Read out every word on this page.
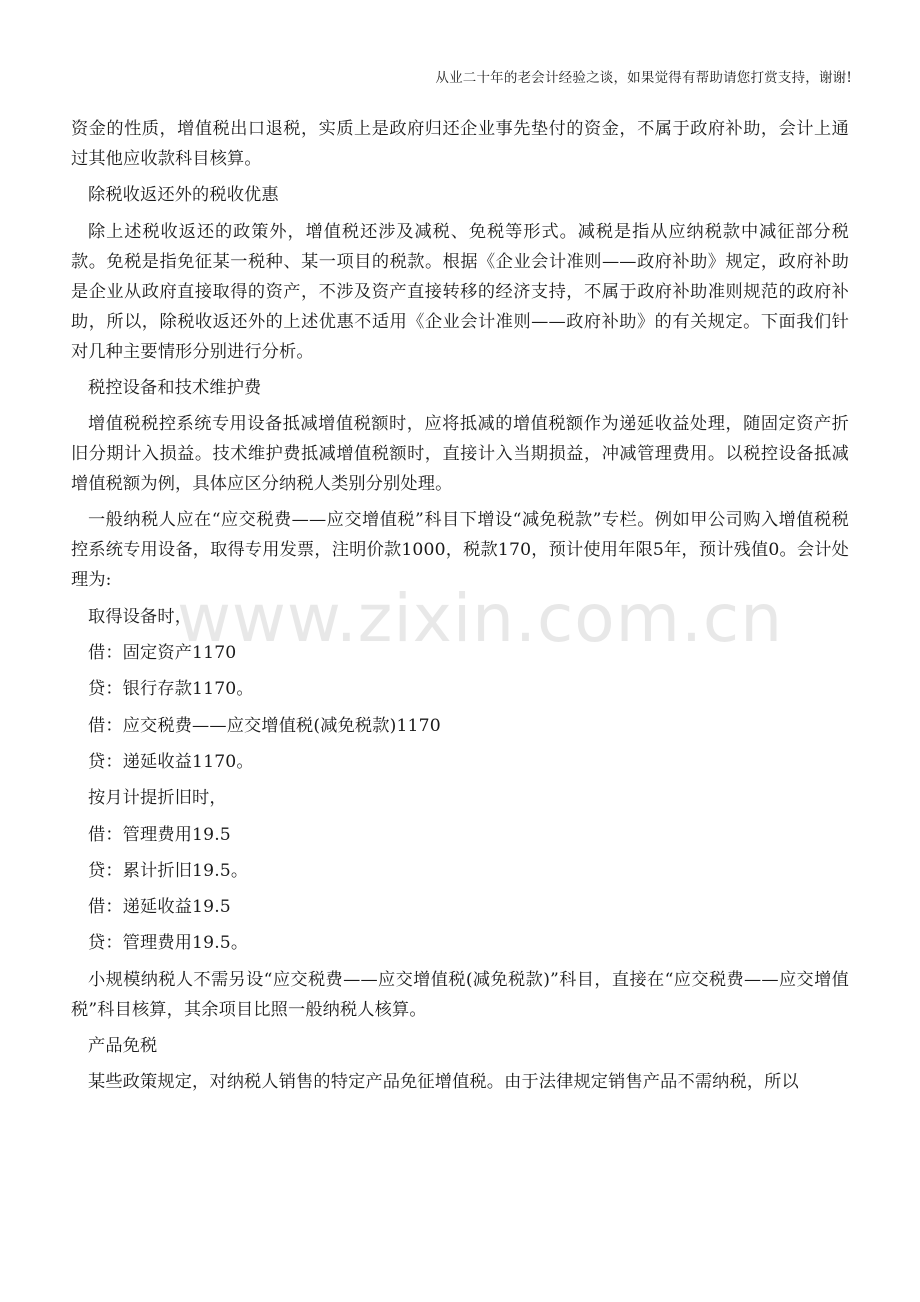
从业二十年的老会计经验之谈，如果觉得有帮助请您打赏支持，谢谢!

资金的性质，增值税出口退税，实质上是政府归还企业事先垫付的资金，不属于政府补助，会计上通过其他应收款科目核算。

除税收返还外的税收优惠

除上述税收返还的政策外，增值税还涉及减税、免税等形式。减税是指从应纳税款中减征部分税款。免税是指免征某一税种、某一项目的税款。根据《企业会计准则——政府补助》规定，政府补助是企业从政府直接取得的资产，不涉及资产直接转移的经济支持，不属于政府补助准则规范的政府补助，所以，除税收返还外的上述优惠不适用《企业会计准则——政府补助》的有关规定。下面我们针对几种主要情形分别进行分析。

税控设备和技术维护费

增值税税控系统专用设备抵减增值税额时，应将抵减的增值税额作为递延收益处理，随固定资产折旧分期计入损益。技术维护费抵减增值税额时，直接计入当期损益，冲减管理费用。以税控设备抵减增值税额为例，具体应区分纳税人类别分别处理。

一般纳税人应在“应交税费——应交增值税”科目下增设“减免税款”专栏。例如甲公司购入增值税税控系统专用设备，取得专用发票，注明价款1000，税款170，预计使用年限5年，预计残值0。会计处理为:

取得设备时，

借：固定资产1170

贷：银行存款1170。

借：应交税费——应交增值税(减免税款)1170

贷：递延收益1170。

按月计提折旧时，

借：管理费用19.5

贷：累计折旧19.5。

借：递延收益19.5

贷：管理费用19.5。

小规模纳税人不需另设“应交税费——应交增值税(减免税款)”科目，直接在“应交税费——应交增值税”科目核算，其余项目比照一般纳税人核算。

产品免税

某些政策规定，对纳税人销售的特定产品免征增值税。由于法律规定销售产品不需纳税，所以

www.zixin.com.cn
